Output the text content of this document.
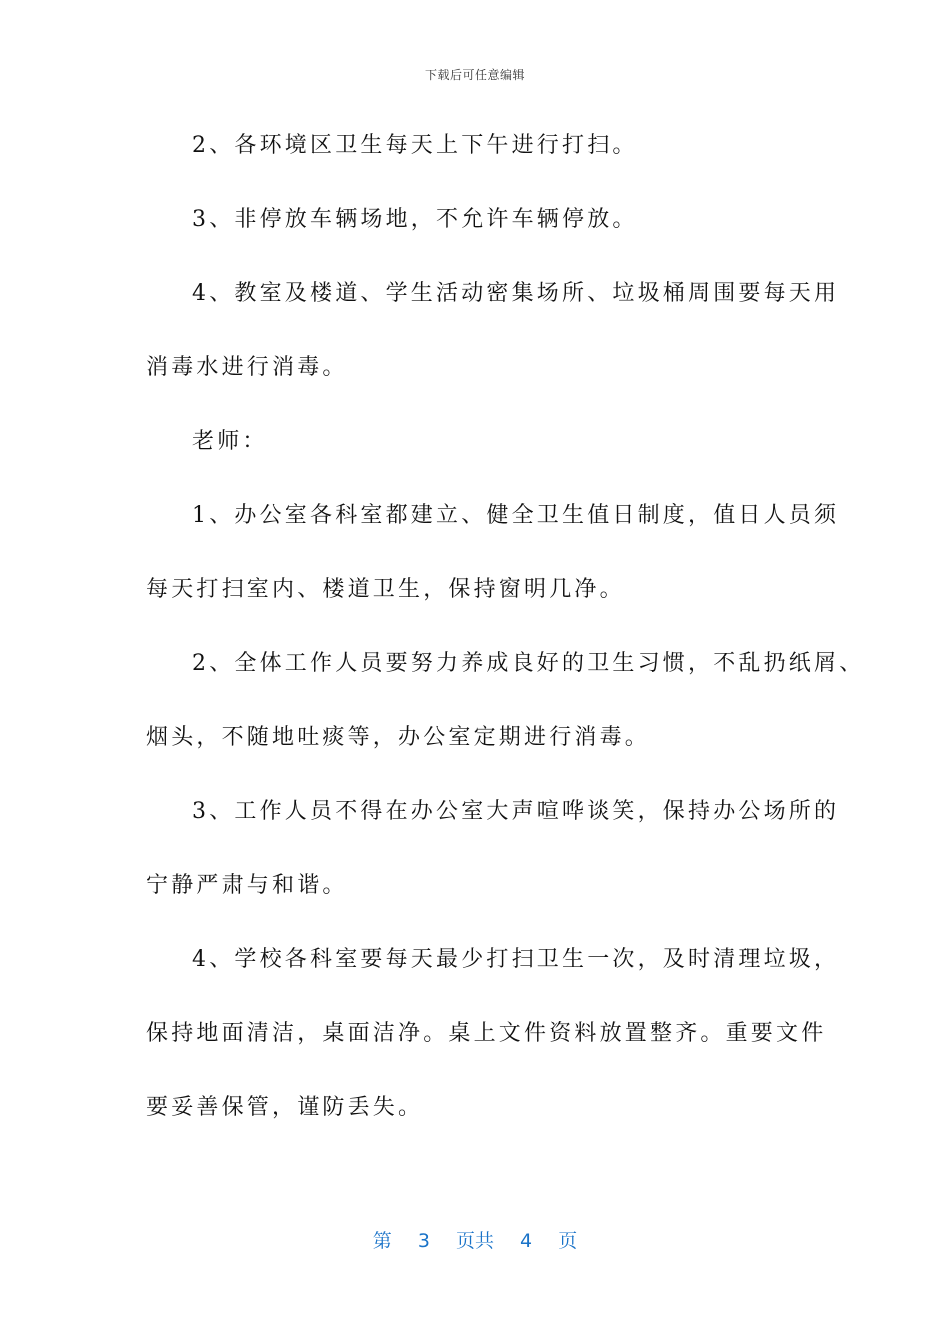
下载后可任意编辑
2、各环境区卫生每天上下午进行打扫。
3、非停放车辆场地，不允许车辆停放。
4、教室及楼道、学生活动密集场所、垃圾桶周围要每天用
消毒水进行消毒。
老师：
1、办公室各科室都建立、健全卫生值日制度，值日人员须
每天打扫室内、楼道卫生，保持窗明几净。
2、全体工作人员要努力养成良好的卫生习惯，不乱扔纸屑、
烟头，不随地吐痰等，办公室定期进行消毒。
3、工作人员不得在办公室大声喧哗谈笑，保持办公场所的
宁静严肃与和谐。
4、学校各科室要每天最少打扫卫生一次，及时清理垃圾，
保持地面清洁，桌面洁净。桌上文件资料放置整齐。重要文件
要妥善保管，谨防丢失。
第 3 页共 4 页
